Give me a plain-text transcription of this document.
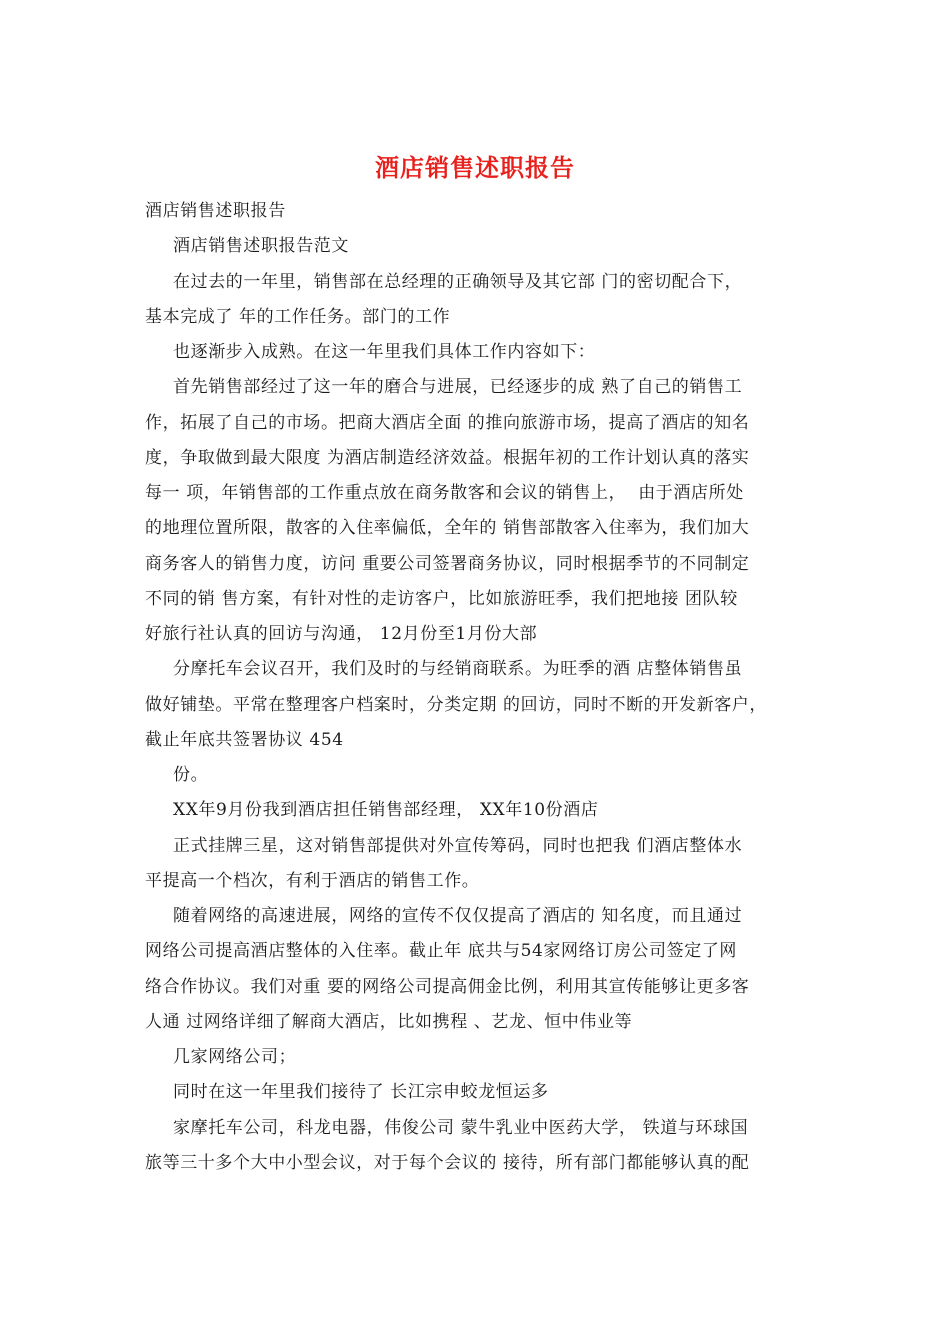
酒店销售述职报告
酒店销售述职报告
酒店销售述职报告范文
在过去的一年里，销售部在总经理的正确领导及其它部 门的密切配合下，
基本完成了 年的工作任务。部门的工作
也逐渐步入成熟。在这一年里我们具体工作内容如下：
首先销售部经过了这一年的磨合与进展，已经逐步的成 熟了自己的销售工
作，拓展了自己的市场。把商大酒店全面 的推向旅游市场，提高了酒店的知名
度，争取做到最大限度 为酒店制造经济效益。根据年初的工作计划认真的落实
每一 项，年销售部的工作重点放在商务散客和会议的销售上，  由于酒店所处
的地理位置所限，散客的入住率偏低，全年的 销售部散客入住率为，我们加大
商务客人的销售力度，访问 重要公司签署商务协议，同时根据季节的不同制定
不同的销 售方案，有针对性的走访客户，比如旅游旺季，我们把地接 团队较
好旅行社认真的回访与沟通， 12月份至1月份大部
分摩托车会议召开，我们及时的与经销商联系。为旺季的酒 店整体销售虽
做好铺垫。平常在整理客户档案时，分类定期 的回访，同时不断的开发新客户，
截止年底共签署协议 454
份。
XX年9月份我到酒店担任销售部经理， XX年10份酒店
正式挂牌三星，这对销售部提供对外宣传筹码，同时也把我 们酒店整体水
平提高一个档次，有利于酒店的销售工作。
随着网络的高速进展，网络的宣传不仅仅提高了酒店的 知名度，而且通过
网络公司提高酒店整体的入住率。截止年 底共与54家网络订房公司签定了网
络合作协议。我们对重 要的网络公司提高佣金比例，利用其宣传能够让更多客
人通 过网络详细了解商大酒店，比如携程 、艺龙、恒中伟业等
几家网络公司；
同时在这一年里我们接待了 长江宗申蛟龙恒运多
家摩托车公司，科龙电器，伟俊公司 蒙牛乳业中医药大学， 铁道与环球国
旅等三十多个大中小型会议，对于每个会议的 接待，所有部门都能够认真的配
